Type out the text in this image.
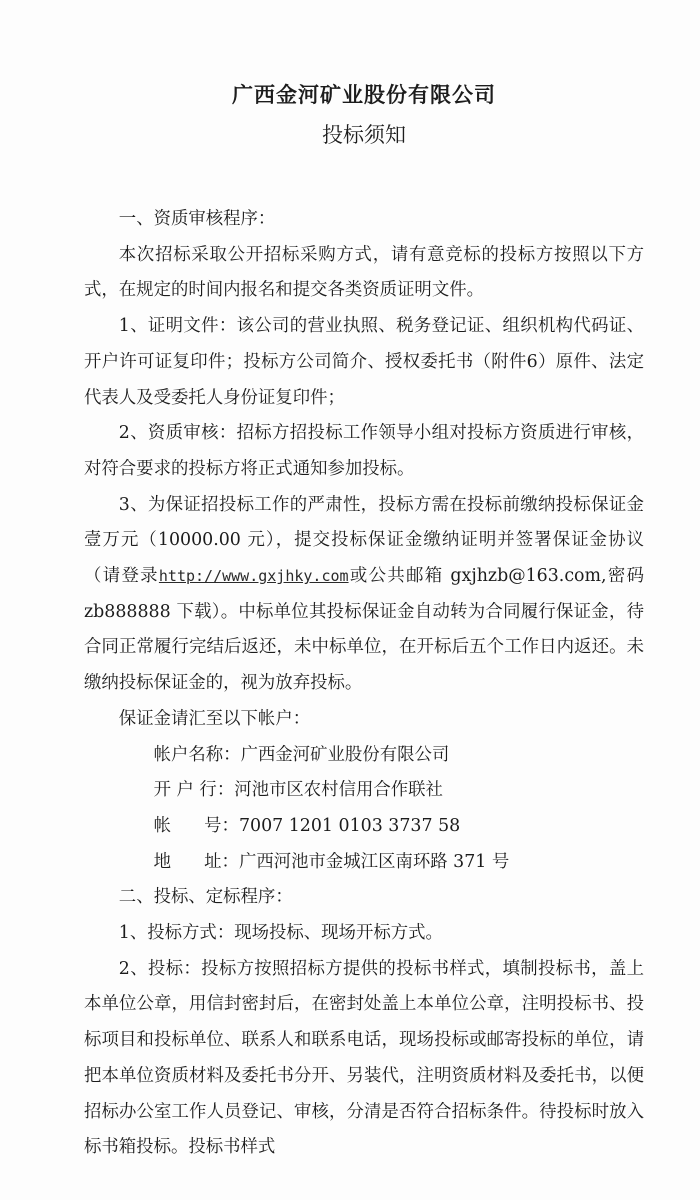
广西金河矿业股份有限公司
投标须知

一、资质审核程序：

本次招标采取公开招标采购方式，请有意竞标的投标方按照以下方式，在规定的时间内报名和提交各类资质证明文件。

1、证明文件：该公司的营业执照、税务登记证、组织机构代码证、开户许可证复印件；投标方公司简介、授权委托书（附件6）原件、法定代表人及受委托人身份证复印件；

2、资质审核：招标方招投标工作领导小组对投标方资质进行审核，对符合要求的投标方将正式通知参加投标。

3、为保证招投标工作的严肃性，投标方需在投标前缴纳投标保证金壹万元（10000.00 元），提交投标保证金缴纳证明并签署保证金协议（请登录http://www.gxjhky.com或公共邮箱 gxjhzb@163.com,密码 zb888888 下载）。中标单位其投标保证金自动转为合同履行保证金，待合同正常履行完结后返还，未中标单位，在开标后五个工作日内返还。未缴纳投标保证金的，视为放弃投标。

保证金请汇至以下帐户：

帐户名称：广西金河矿业股份有限公司

开 户 行：河池市区农村信用合作联社

帐      号：7007 1201 0103 3737 58

地      址：广西河池市金城江区南环路 371 号

二、投标、定标程序：

1、投标方式：现场投标、现场开标方式。

2、投标：投标方按照招标方提供的投标书样式，填制投标书，盖上本单位公章，用信封密封后，在密封处盖上本单位公章，注明投标书、投标项目和投标单位、联系人和联系电话，现场投标或邮寄投标的单位，请把本单位资质材料及委托书分开、另装代，注明资质材料及委托书，以便招标办公室工作人员登记、审核，分清是否符合招标条件。待投标时放入标书箱投标。投标书样式
